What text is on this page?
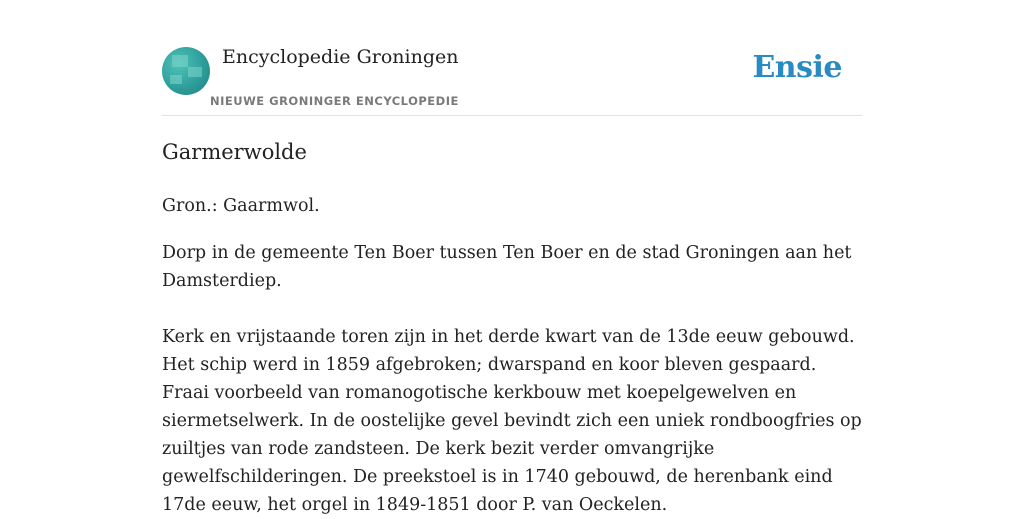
Encyclopedie Groningen
NIEUWE GRONINGER ENCYCLOPEDIE
Ensie
Garmerwolde
Gron.: Gaarmwol.
Dorp in de gemeente Ten Boer tussen Ten Boer en de stad Groningen aan het Damsterdiep.
Kerk en vrijstaande toren zijn in het derde kwart van de 13de eeuw gebouwd. Het schip werd in 1859 afgebroken; dwarspand en koor bleven gespaard. Fraai voorbeeld van romanogotische kerkbouw met koepelgewelven en siermetselwerk. In de oostelijke gevel bevindt zich een uniek rondboogfries op zuiltjes van rode zandsteen. De kerk bezit verder omvangrijke gewelfschilderingen. De preekstoel is in 1740 gebouwd, de herenbank eind 17de eeuw, het orgel in 1849-1851 door P. van Oeckelen.
